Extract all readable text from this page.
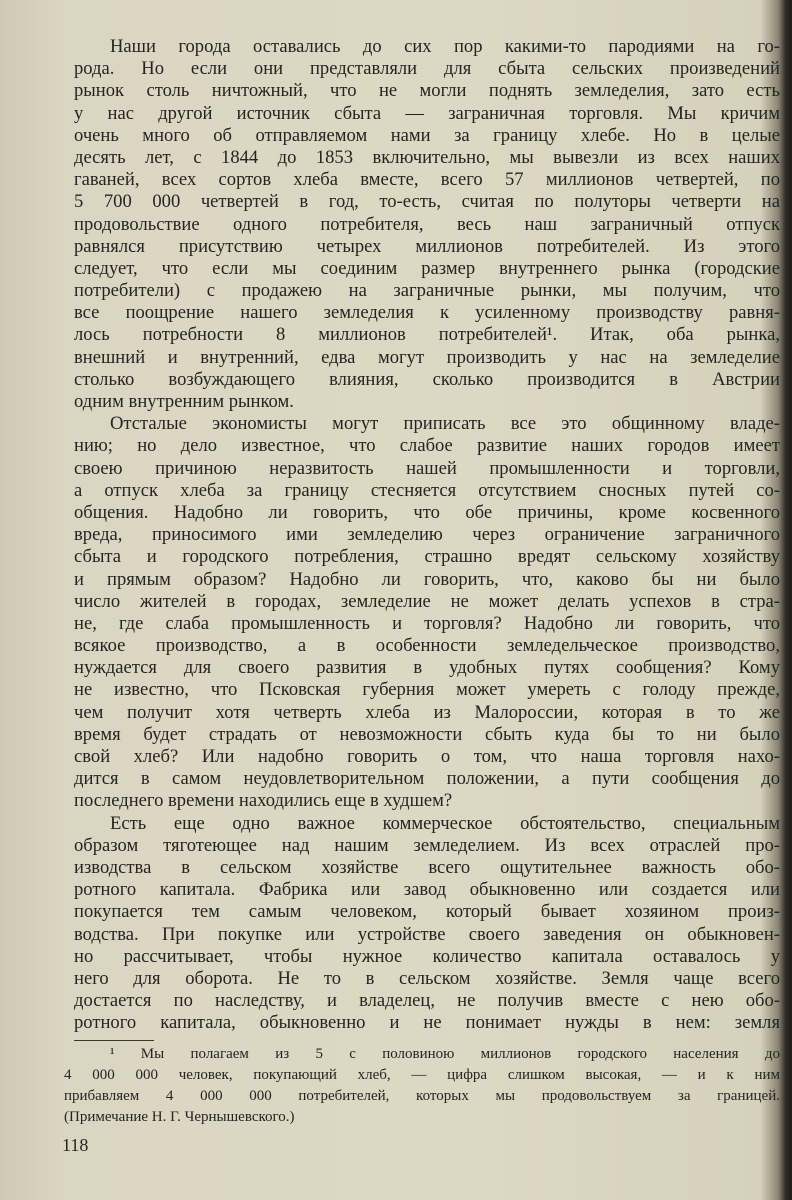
Наши города оставались до сих пор какими-то пародиями на го-
рода. Но если они представляли для сбыта сельских произведений
рынок столь ничтожный, что не могли поднять земледелия, зато есть
у нас другой источник сбыта — заграничная торговля. Мы кричим
очень много об отправляемом нами за границу хлебе. Но в целые
десять лет, с 1844 до 1853 включительно, мы вывезли из всех наших
гаваней, всех сортов хлеба вместе, всего 57 миллионов четвертей, по
5 700 000 четвертей в год, то-есть, считая по полуторы четверти на
продовольствие одного потребителя, весь наш заграничный отпуск
равнялся присутствию четырех миллионов потребителей. Из этого
следует, что если мы соединим размер внутреннего рынка (городские
потребители) с продажею на заграничные рынки, мы получим, что
все поощрение нашего земледелия к усиленному производству равня-
лось потребности 8 миллионов потребителей¹. Итак, оба рынка,
внешний и внутренний, едва могут производить у нас на земледелие
столько возбуждающего влияния, сколько производится в Австрии
одним внутренним рынком.
Отсталые экономисты могут приписать все это общинному владе-
нию; но дело известное, что слабое развитие наших городов имеет
своею причиною неразвитость нашей промышленности и торговли,
а отпуск хлеба за границу стесняется отсутствием сносных путей со-
общения. Надобно ли говорить, что обе причины, кроме косвенного
вреда, приносимого ими земледелию через ограничение заграничного
сбыта и городского потребления, страшно вредят сельскому хозяйству
и прямым образом? Надобно ли говорить, что, каково бы ни было
число жителей в городах, земледелие не может делать успехов в стра-
не, где слаба промышленность и торговля? Надобно ли говорить, что
всякое производство, а в особенности земледельческое производство,
нуждается для своего развития в удобных путях сообщения? Кому
не известно, что Псковская губерния может умереть с голоду прежде,
чем получит хотя четверть хлеба из Малороссии, которая в то же
время будет страдать от невозможности сбыть куда бы то ни было
свой хлеб? Или надобно говорить о том, что наша торговля нахо-
дится в самом неудовлетворительном положении, а пути сообщения до
последнего времени находились еще в худшем?
Есть еще одно важное коммерческое обстоятельство, специальным
образом тяготеющее над нашим земледелием. Из всех отраслей про-
изводства в сельском хозяйстве всего ощутительнее важность обо-
ротного капитала. Фабрика или завод обыкновенно или создается или
покупается тем самым человеком, который бывает хозяином произ-
водства. При покупке или устройстве своего заведения он обыкновен-
но рассчитывает, чтобы нужное количество капитала оставалось у
него для оборота. Не то в сельском хозяйстве. Земля чаще всего
достается по наследству, и владелец, не получив вместе с нею обо-
ротного капитала, обыкновенно и не понимает нужды в нем: земля
¹ Мы полагаем из 5 с половиною миллионов городского населения до
4 000 000 человек, покупающий хлеб, — цифра слишком высокая, — и к ним
прибавляем 4 000 000 потребителей, которых мы продовольствуем за границей.
(Примечание Н. Г. Чернышевского.)
118
